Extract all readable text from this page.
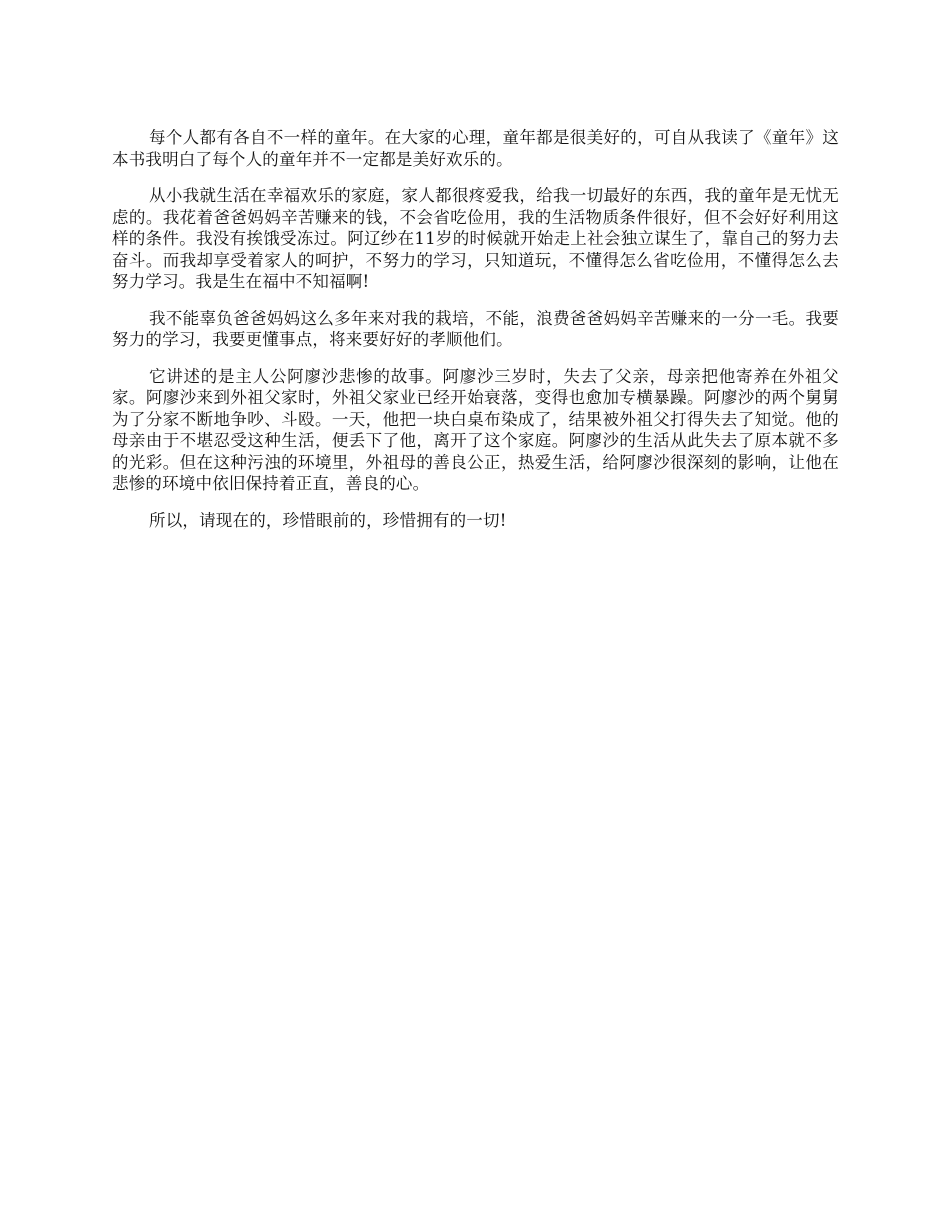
每个人都有各自不一样的童年。在大家的心理，童年都是很美好的，可自从我读了《童年》这本书我明白了每个人的童年并不一定都是美好欢乐的。

从小我就生活在幸福欢乐的家庭，家人都很疼爱我，给我一切最好的东西，我的童年是无忧无虑的。我花着爸爸妈妈辛苦赚来的钱，不会省吃俭用，我的生活物质条件很好，但不会好好利用这样的条件。我没有挨饿受冻过。阿辽纱在11岁的时候就开始走上社会独立谋生了，靠自己的努力去奋斗。而我却享受着家人的呵护，不努力的学习，只知道玩，不懂得怎么省吃俭用，不懂得怎么去努力学习。我是生在福中不知福啊!

我不能辜负爸爸妈妈这么多年来对我的栽培，不能，浪费爸爸妈妈辛苦赚来的一分一毛。我要努力的学习，我要更懂事点，将来要好好的孝顺他们。

它讲述的是主人公阿廖沙悲惨的故事。阿廖沙三岁时，失去了父亲，母亲把他寄养在外祖父家。阿廖沙来到外祖父家时，外祖父家业已经开始衰落，变得也愈加专横暴躁。阿廖沙的两个舅舅为了分家不断地争吵、斗殴。一天，他把一块白桌布染成了，结果被外祖父打得失去了知觉。他的母亲由于不堪忍受这种生活，便丢下了他，离开了这个家庭。阿廖沙的生活从此失去了原本就不多的光彩。但在这种污浊的环境里，外祖母的善良公正，热爱生活，给阿廖沙很深刻的影响，让他在悲惨的环境中依旧保持着正直，善良的心。

所以，请现在的，珍惜眼前的，珍惜拥有的一切!
